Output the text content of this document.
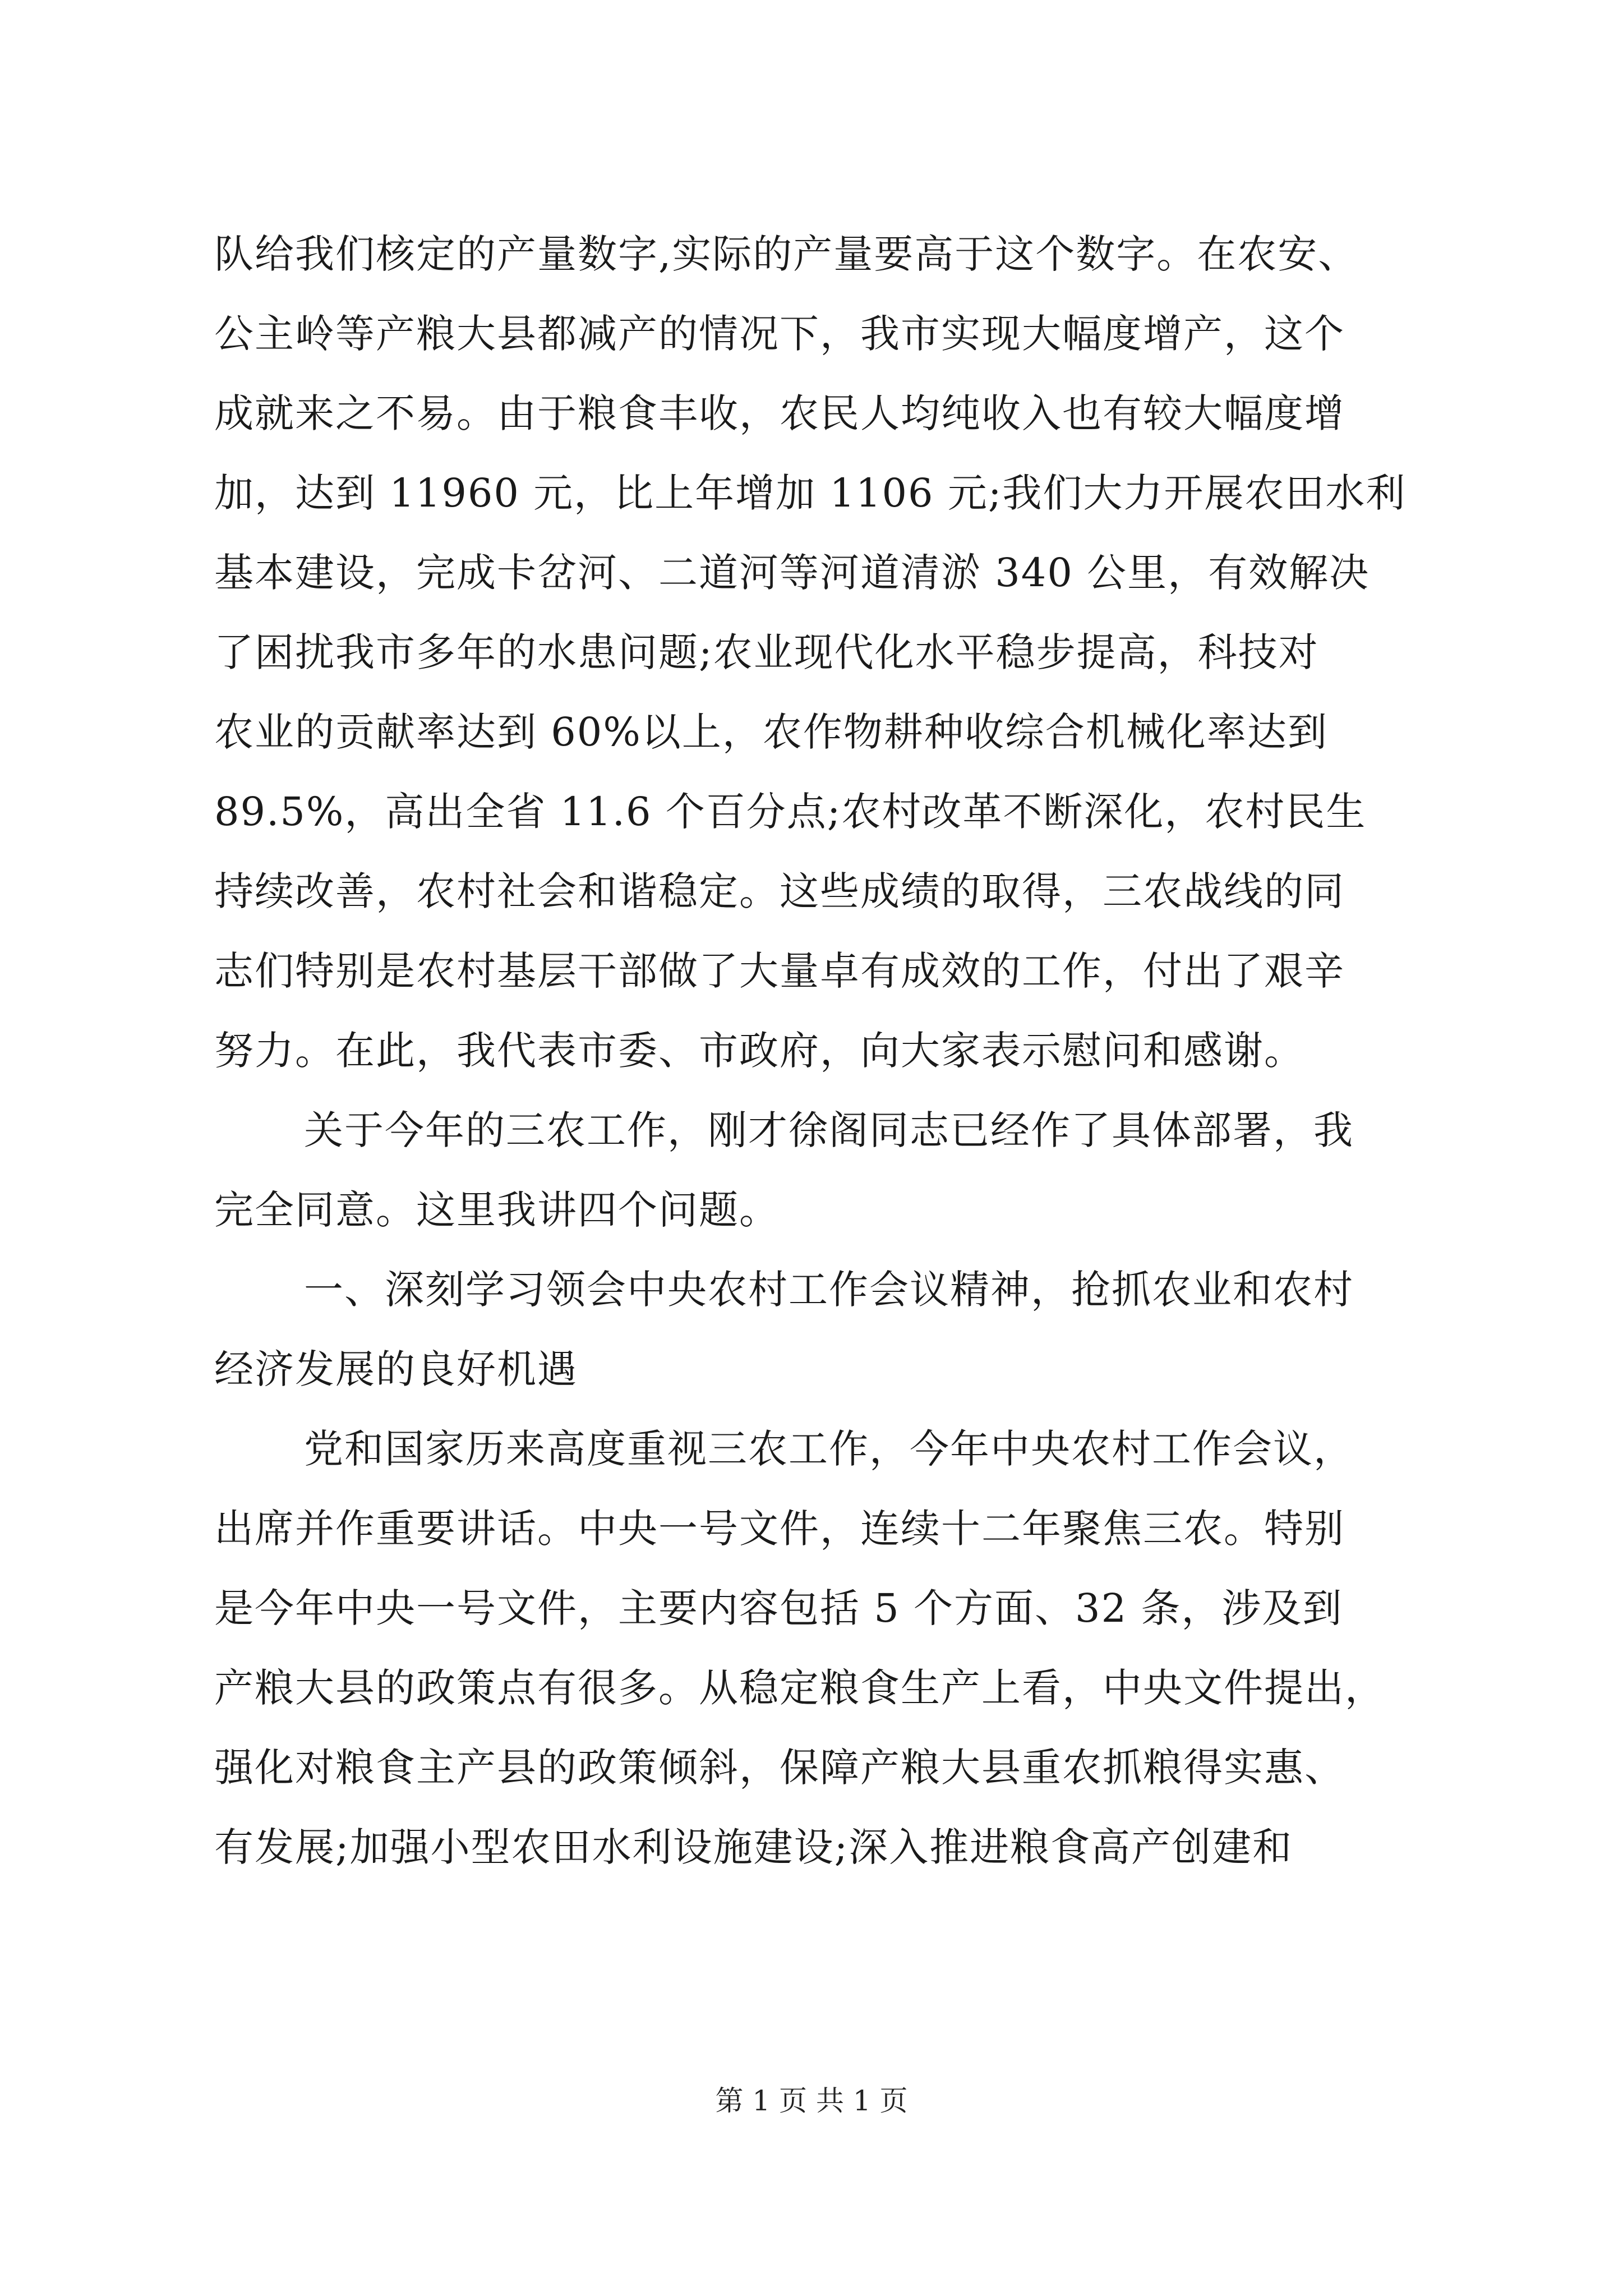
队给我们核定的产量数字,实际的产量要高于这个数字。在农安、
公主岭等产粮大县都减产的情况下，我市实现大幅度增产，这个
成就来之不易。由于粮食丰收，农民人均纯收入也有较大幅度增
加，达到 11960 元，比上年增加 1106 元;我们大力开展农田水利
基本建设，完成卡岔河、二道河等河道清淤 340 公里，有效解决
了困扰我市多年的水患问题;农业现代化水平稳步提高，科技对
农业的贡献率达到 60%以上，农作物耕种收综合机械化率达到
89.5%，高出全省 11.6 个百分点;农村改革不断深化，农村民生
持续改善，农村社会和谐稳定。这些成绩的取得，三农战线的同
志们特别是农村基层干部做了大量卓有成效的工作，付出了艰辛
努力。在此，我代表市委、市政府，向大家表示慰问和感谢。
关于今年的三农工作，刚才徐阁同志已经作了具体部署，我
完全同意。这里我讲四个问题。
一、深刻学习领会中央农村工作会议精神，抢抓农业和农村
经济发展的良好机遇
党和国家历来高度重视三农工作，今年中央农村工作会议，
出席并作重要讲话。中央一号文件，连续十二年聚焦三农。特别
是今年中央一号文件，主要内容包括 5 个方面、32 条，涉及到
产粮大县的政策点有很多。从稳定粮食生产上看，中央文件提出，
强化对粮食主产县的政策倾斜，保障产粮大县重农抓粮得实惠、
有发展;加强小型农田水利设施建设;深入推进粮食高产创建和
第 1 页 共 1 页
